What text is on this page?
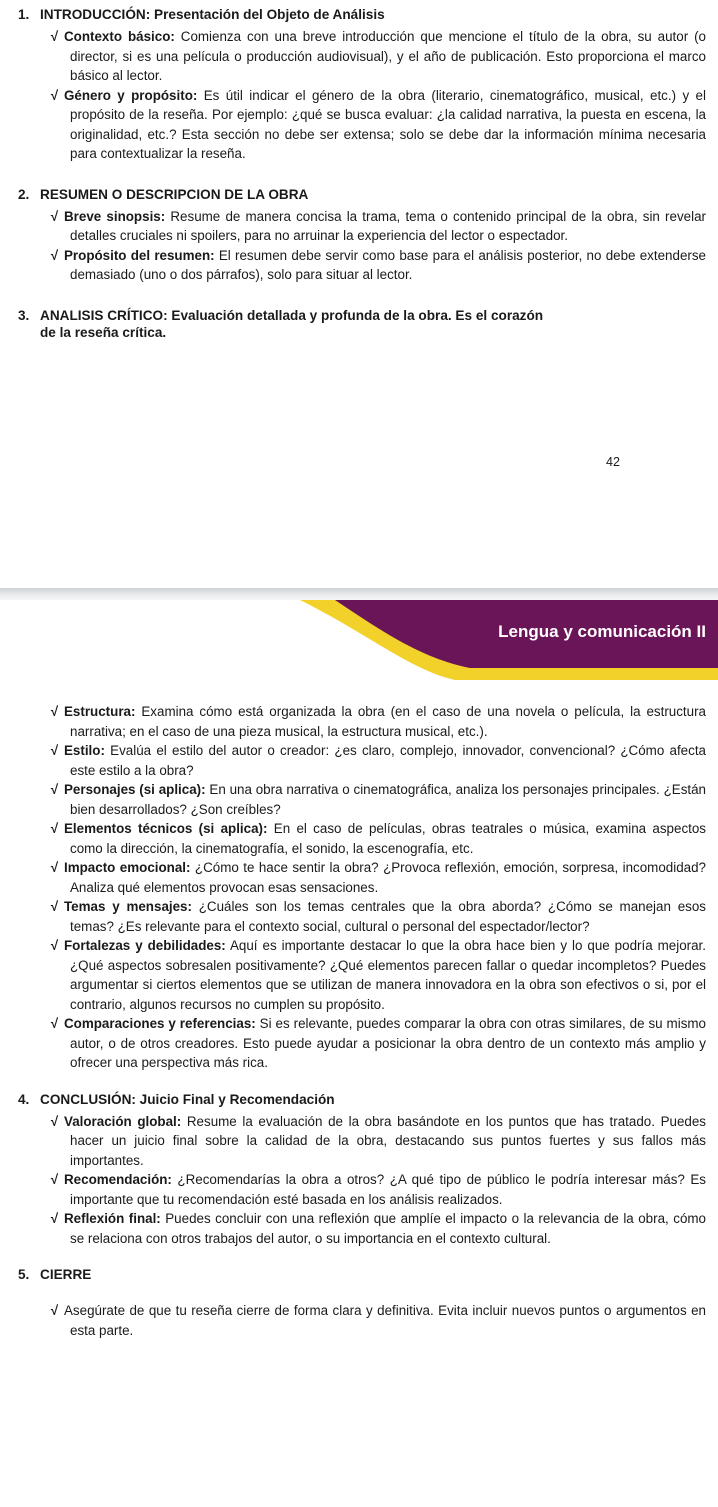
1. INTRODUCCIÓN: Presentación del Objeto de Análisis

√ Contexto básico: Comienza con una breve introducción que mencione el título de la obra, su autor (o director, si es una película o producción audiovisual), y el año de publicación. Esto proporciona el marco básico al lector.

√ Género y propósito: Es útil indicar el género de la obra (literario, cinematográfico, musical, etc.) y el propósito de la reseña. Por ejemplo: ¿qué se busca evaluar: ¿la calidad narrativa, la puesta en escena, la originalidad, etc.? Esta sección no debe ser extensa; solo se debe dar la información mínima necesaria para contextualizar la reseña.

2. RESUMEN O DESCRIPCION DE LA OBRA

√ Breve sinopsis: Resume de manera concisa la trama, tema o contenido principal de la obra, sin revelar detalles cruciales ni spoilers, para no arruinar la experiencia del lector o espectador.

√ Propósito del resumen: El resumen debe servir como base para el análisis posterior, no debe extenderse demasiado (uno o dos párrafos), solo para situar al lector.

3. ANALISIS CRÍTICO: Evaluación detallada y profunda de la obra. Es el corazón

de la reseña crítica.

42
Lengua y comunicación II

√ Estructura: Examina cómo está organizada la obra (en el caso de una novela o película, la estructura narrativa; en el caso de una pieza musical, la estructura musical, etc.).

√ Estilo: Evalúa el estilo del autor o creador: ¿es claro, complejo, innovador, convencional? ¿Cómo afecta este estilo a la obra?

√ Personajes (si aplica): En una obra narrativa o cinematográfica, analiza los personajes principales. ¿Están bien desarrollados? ¿Son creíbles?

√ Elementos técnicos (si aplica): En el caso de películas, obras teatrales o música, examina aspectos como la dirección, la cinematografía, el sonido, la escenografía, etc.

√ Impacto emocional: ¿Cómo te hace sentir la obra? ¿Provoca reflexión, emoción, sorpresa, incomodidad? Analiza qué elementos provocan esas sensaciones.

√ Temas y mensajes: ¿Cuáles son los temas centrales que la obra aborda? ¿Cómo se manejan esos temas? ¿Es relevante para el contexto social, cultural o personal del espectador/lector?

√ Fortalezas y debilidades: Aquí es importante destacar lo que la obra hace bien y lo que podría mejorar. ¿Qué aspectos sobresalen positivamente? ¿Qué elementos parecen fallar o quedar incompletos? Puedes argumentar si ciertos elementos que se utilizan de manera innovadora en la obra son efectivos o si, por el contrario, algunos recursos no cumplen su propósito.

√ Comparaciones y referencias: Si es relevante, puedes comparar la obra con otras similares, de su mismo autor, o de otros creadores. Esto puede ayudar a posicionar la obra dentro de un contexto más amplio y ofrecer una perspectiva más rica.

4. CONCLUSIÓN: Juicio Final y Recomendación

√ Valoración global: Resume la evaluación de la obra basándote en los puntos que has tratado. Puedes hacer un juicio final sobre la calidad de la obra, destacando sus puntos fuertes y sus fallos más importantes.

√ Recomendación: ¿Recomendarías la obra a otros? ¿A qué tipo de público le podría interesar más? Es importante que tu recomendación esté basada en los análisis realizados.

√ Reflexión final: Puedes concluir con una reflexión que amplíe el impacto o la relevancia de la obra, cómo se relaciona con otros trabajos del autor, o su importancia en el contexto cultural.

5. CIERRE

√ Asegúrate de que tu reseña cierre de forma clara y definitiva. Evita incluir nuevos puntos o argumentos en esta parte.
